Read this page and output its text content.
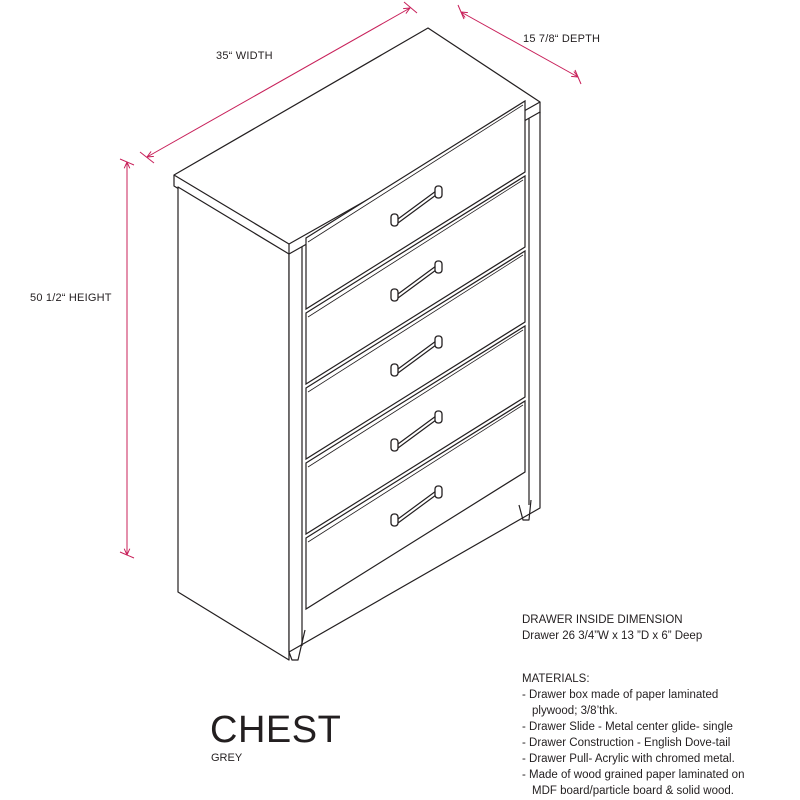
35“ WIDTH
15 7/8“ DEPTH
50 1/2“ HEIGHT
DRAWER INSIDE DIMENSION
Drawer 26 3/4”W x 13 ”D x 6” Deep
MATERIALS:
- Drawer box made of paper laminated
plywood; 3/8’thk.
- Drawer Slide - Metal center glide- single
- Drawer Construction - English Dove-tail
- Drawer Pull- Acrylic with chromed metal.
- Made of wood grained paper laminated on
MDF board/particle board & solid wood.
CHEST
GREY
